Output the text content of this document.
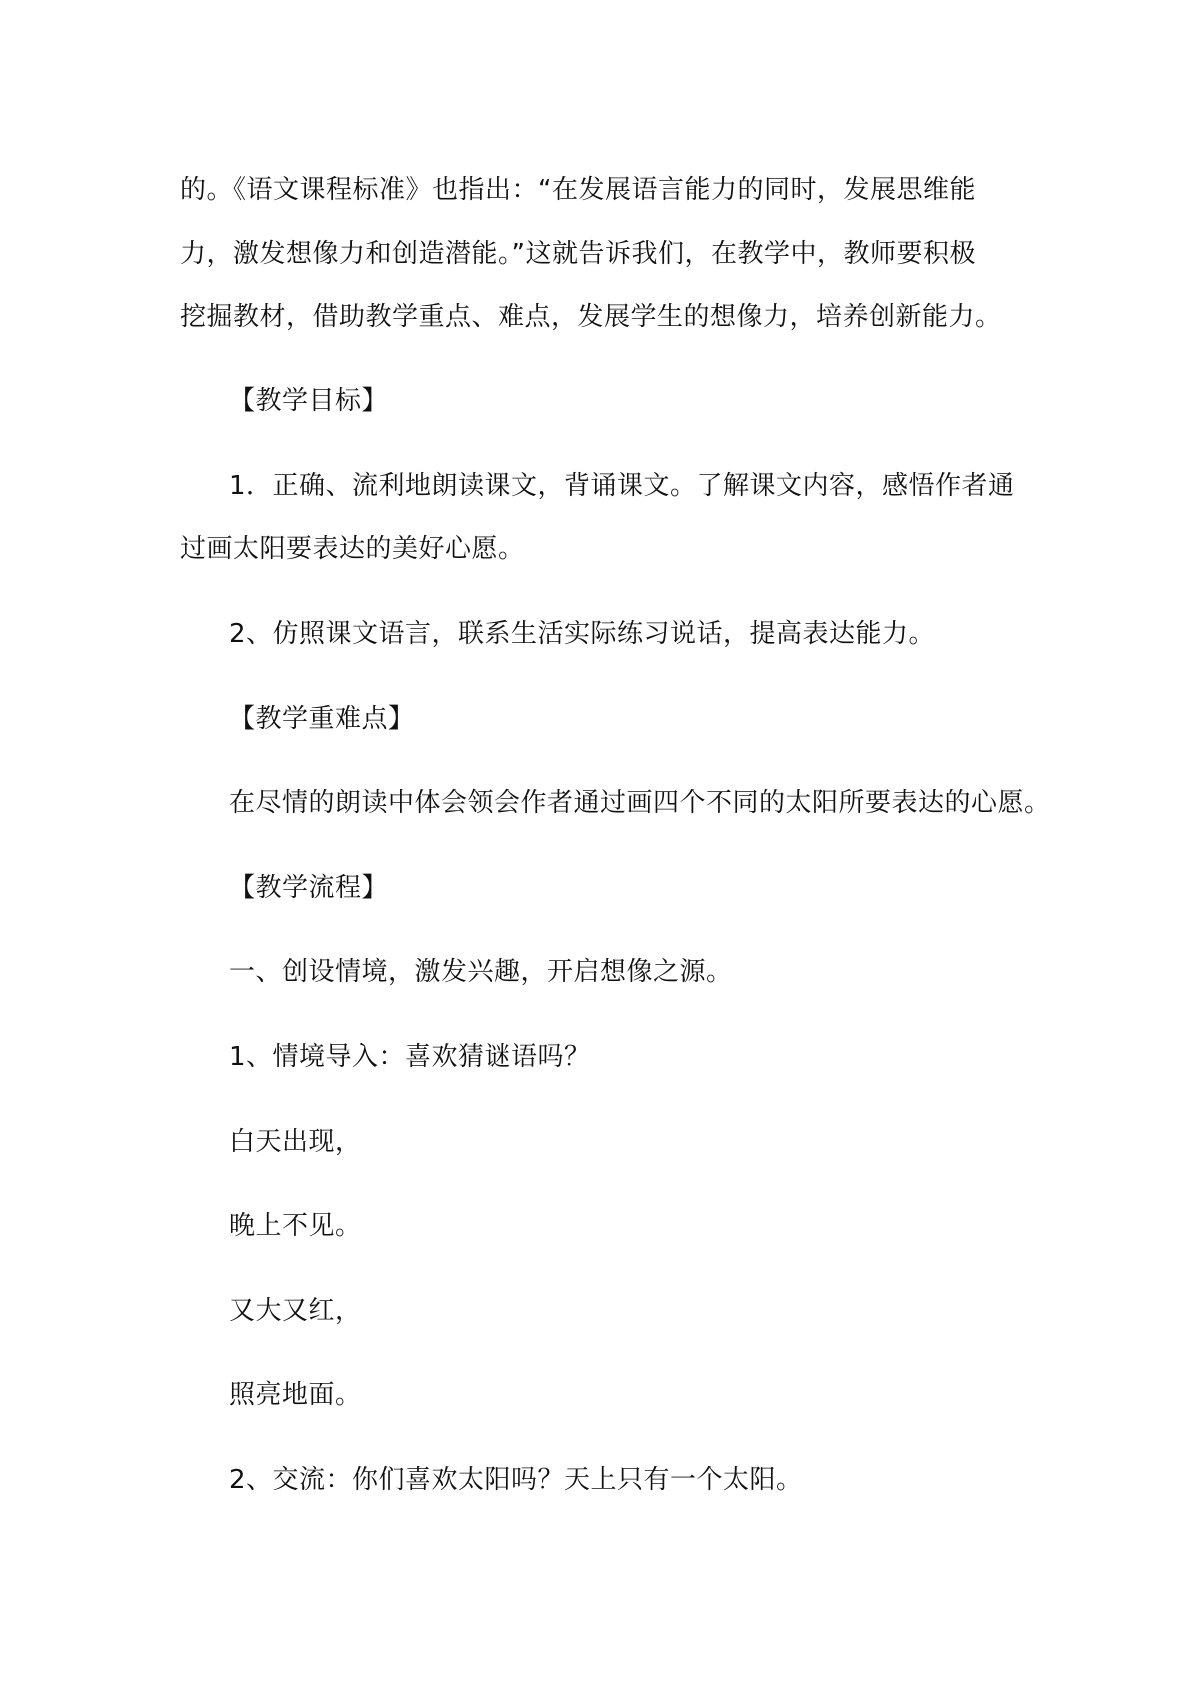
的。《语文课程标准》也指出：“在发展语言能力的同时，发展思维能
力，激发想像力和创造潜能。”这就告诉我们，在教学中，教师要积极
挖掘教材，借助教学重点、难点，发展学生的想像力，培养创新能力。
【教学目标】
1．正确、流利地朗读课文，背诵课文。了解课文内容，感悟作者通
过画太阳要表达的美好心愿。
2、仿照课文语言，联系生活实际练习说话，提高表达能力。
【教学重难点】
在尽情的朗读中体会领会作者通过画四个不同的太阳所要表达的心愿。
【教学流程】
一、创设情境，激发兴趣，开启想像之源。
1、情境导入：喜欢猜谜语吗？
白天出现，
晚上不见。
又大又红，
照亮地面。
2、交流：你们喜欢太阳吗？天上只有一个太阳。
